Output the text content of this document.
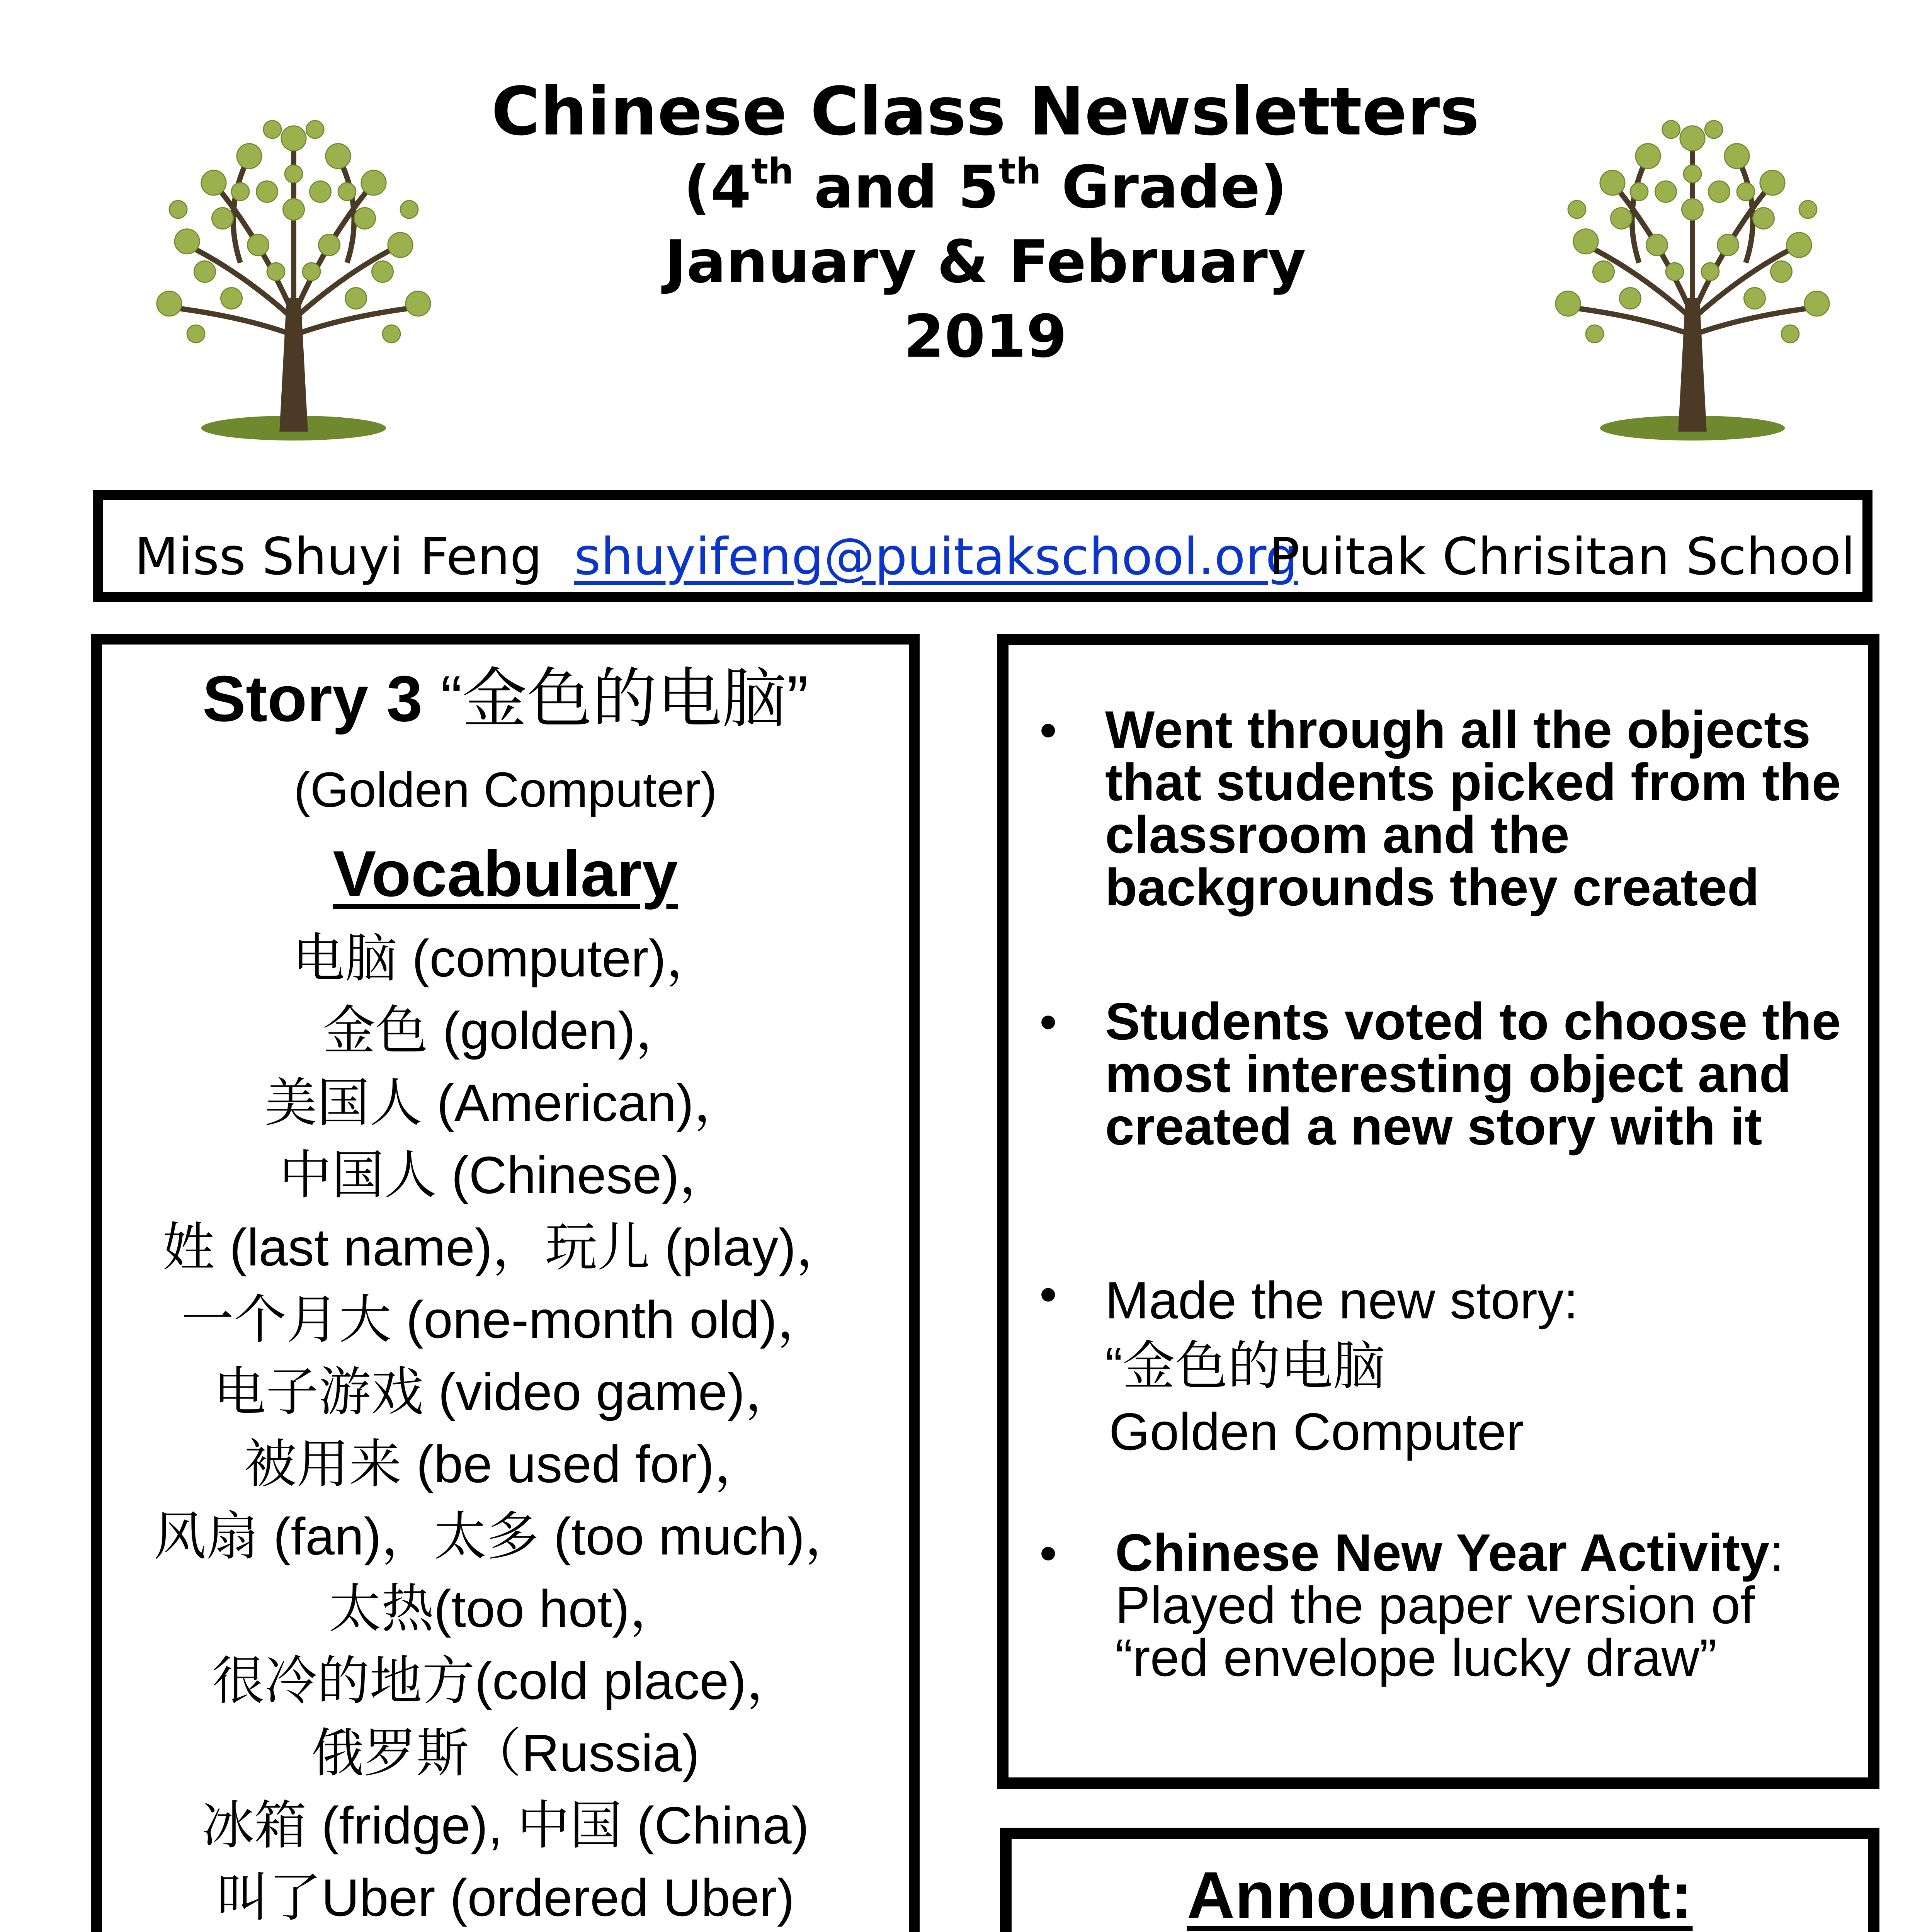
Chinese Class Newsletters
(4th and 5th Grade)
January & February
2019
Miss Shuyi Feng shuyifeng@puitakschool.org
Puitak Chrisitan School
Story 3 “金色的电脑”
(Golden Computer)
Vocabulary
电脑 (computer)，
金色 (golden)，
美国人 (American)，
中国人 (Chinese)，
姓 (last name)，玩儿 (play)，
一个月大 (one-month old)，
电子游戏 (video game)，
被用来 (be used for)，
风扇 (fan)，太多 (too much)，
太热(too hot)，
很冷的地方(cold place)，
俄罗斯（Russia)
冰箱 (fridge), 中国 (China)
叫了Uber (ordered Uber)
• Went through all the objects that students picked from the classroom and the backgrounds they created
• Students voted to choose the most interesting object and created a new story with it
• Made the new story:
“金色的电脑
Golden Computer
• Chinese New Year Activity:
Played the paper version of
“red envelope lucky draw”
Announcement:
